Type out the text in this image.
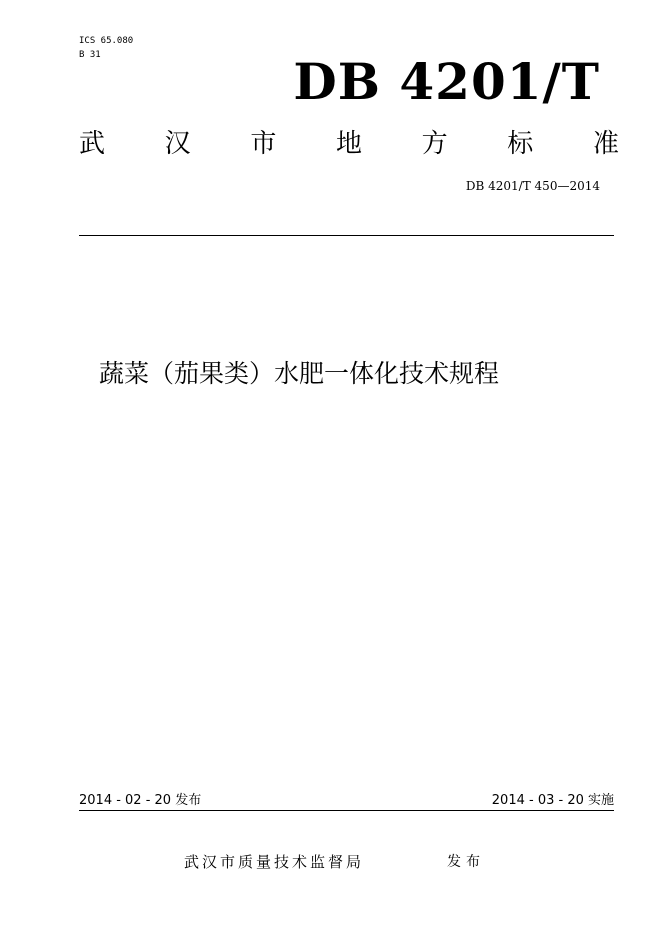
ICS 65.080
B 31	DB 4201/T
武 汉 市 地 方 标 准
DB 4201/T 450—2014
蔬菜（茄果类）水肥一体化技术规程
2014 - 02 - 20 发布	2014 - 03 - 20 实施
武汉市质量技术监督局	发布
